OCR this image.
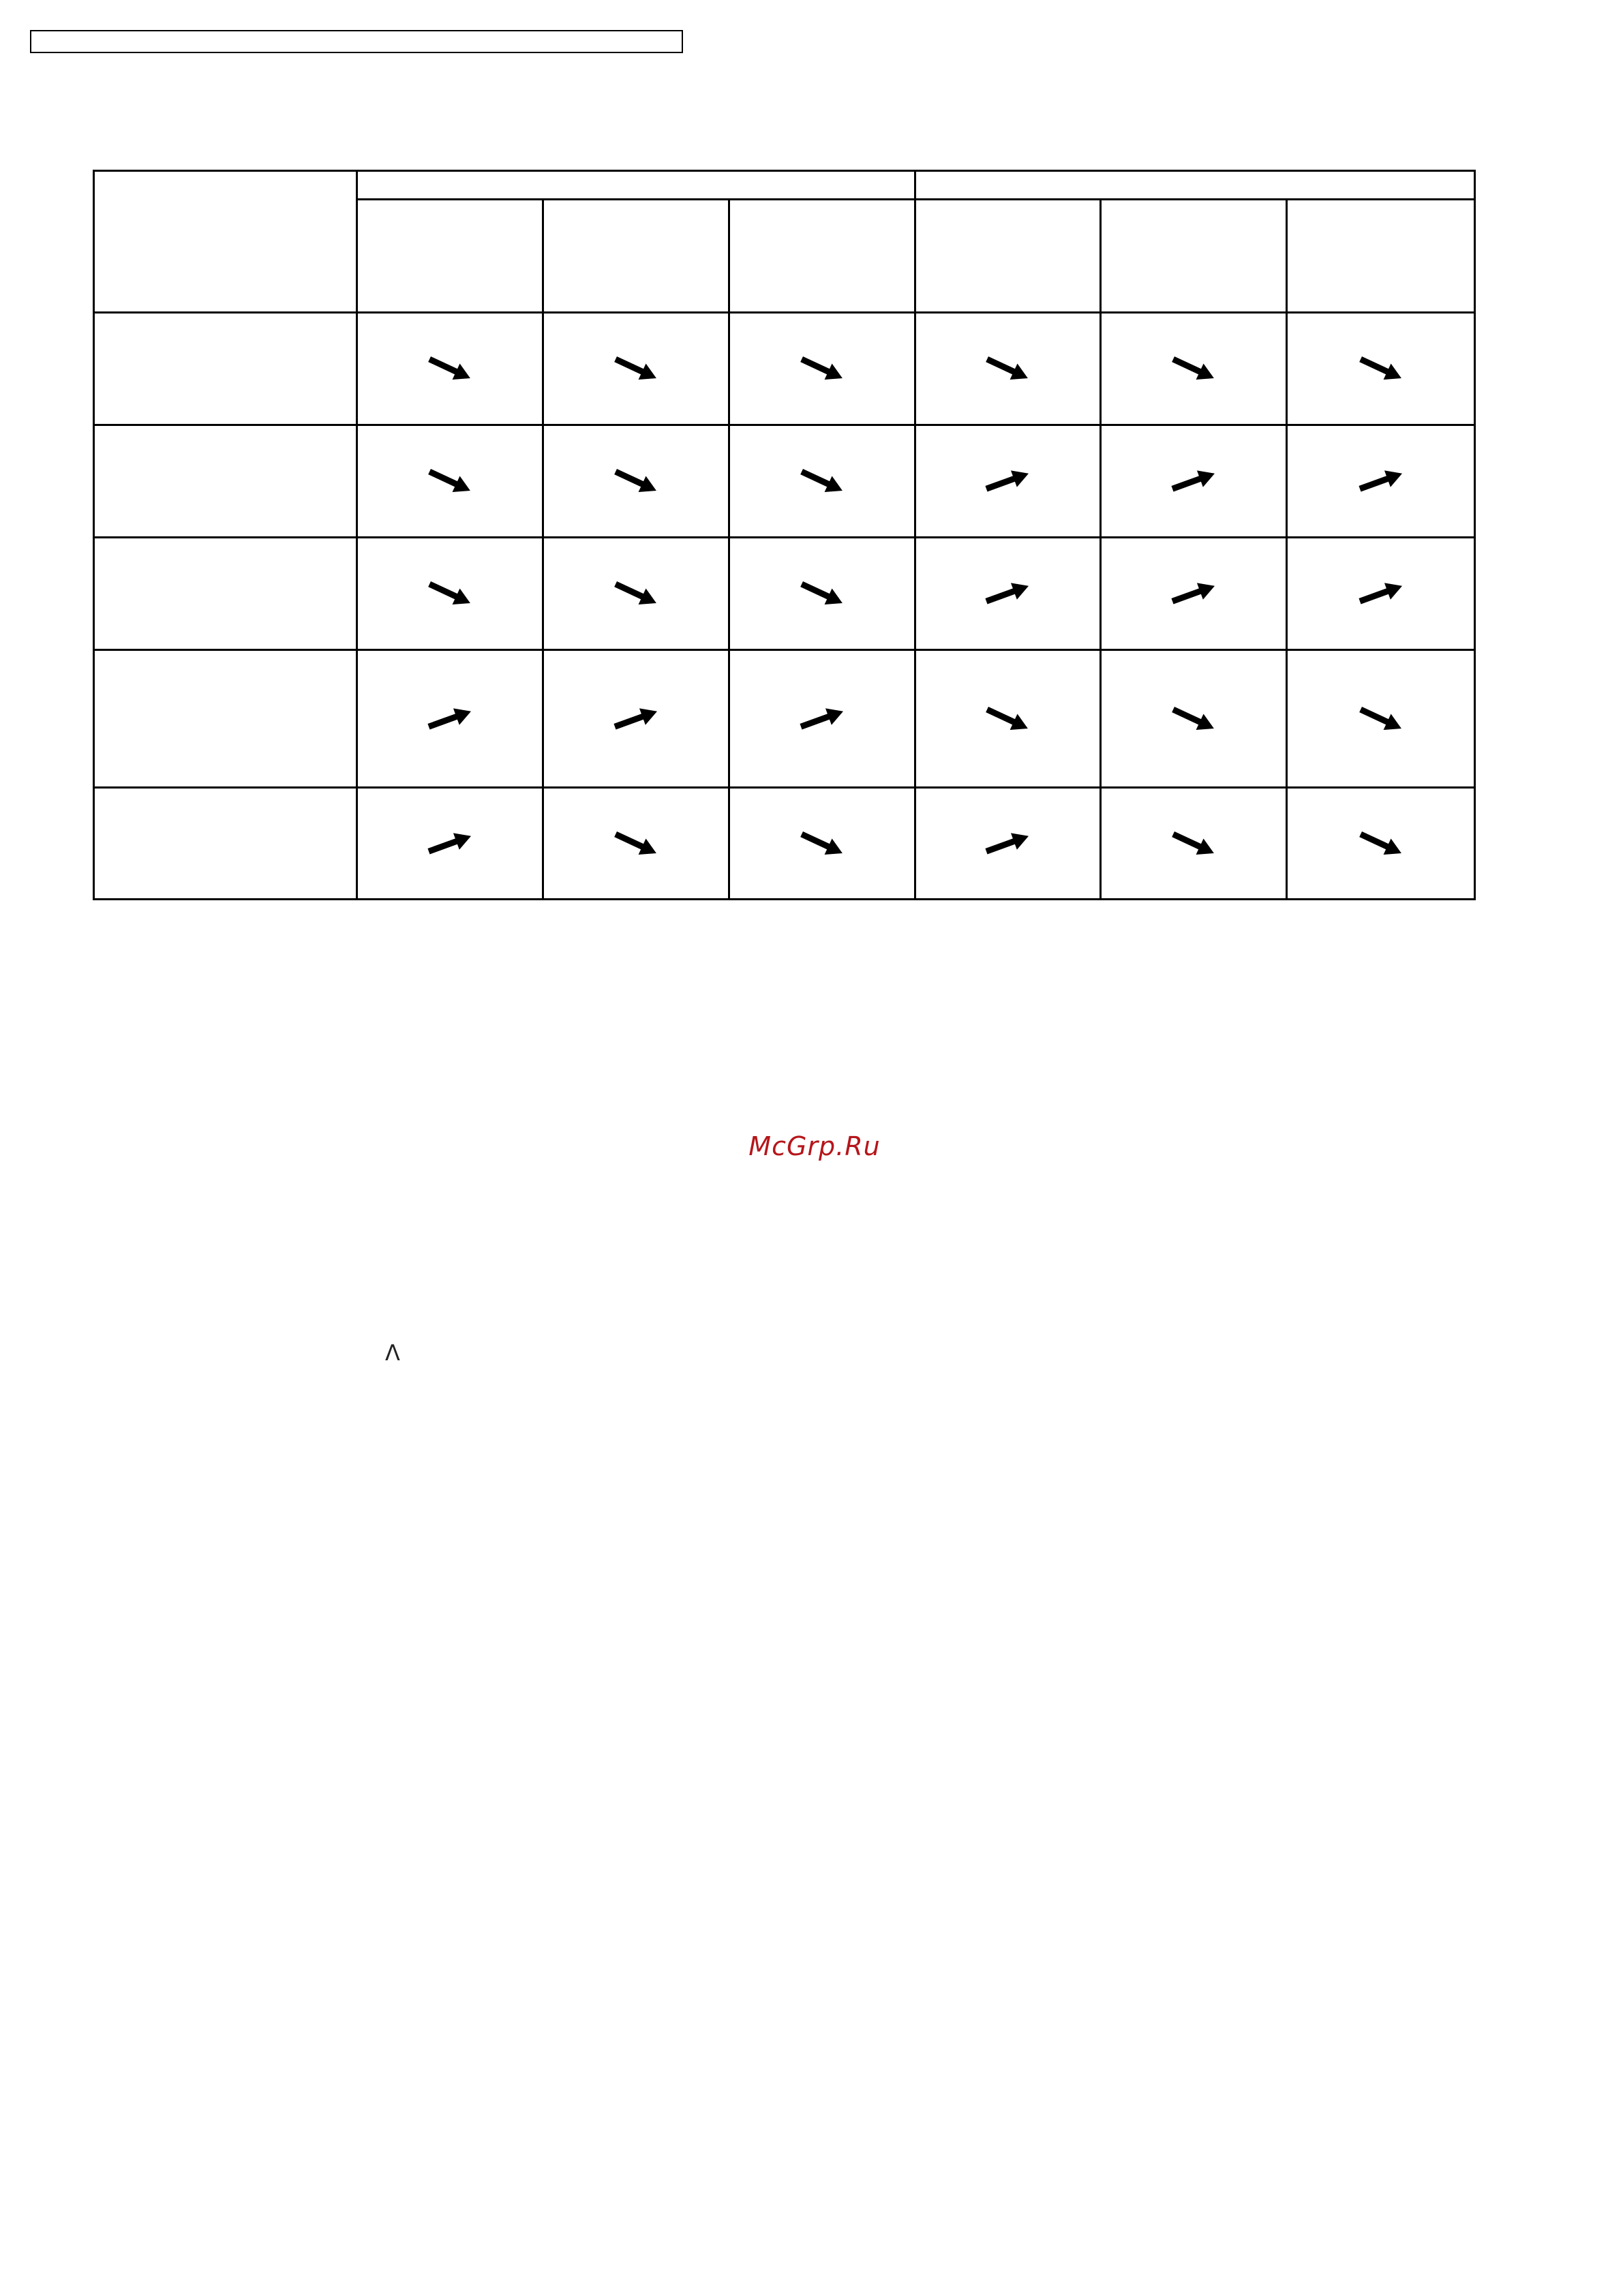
McGrp.Ru
Λ
